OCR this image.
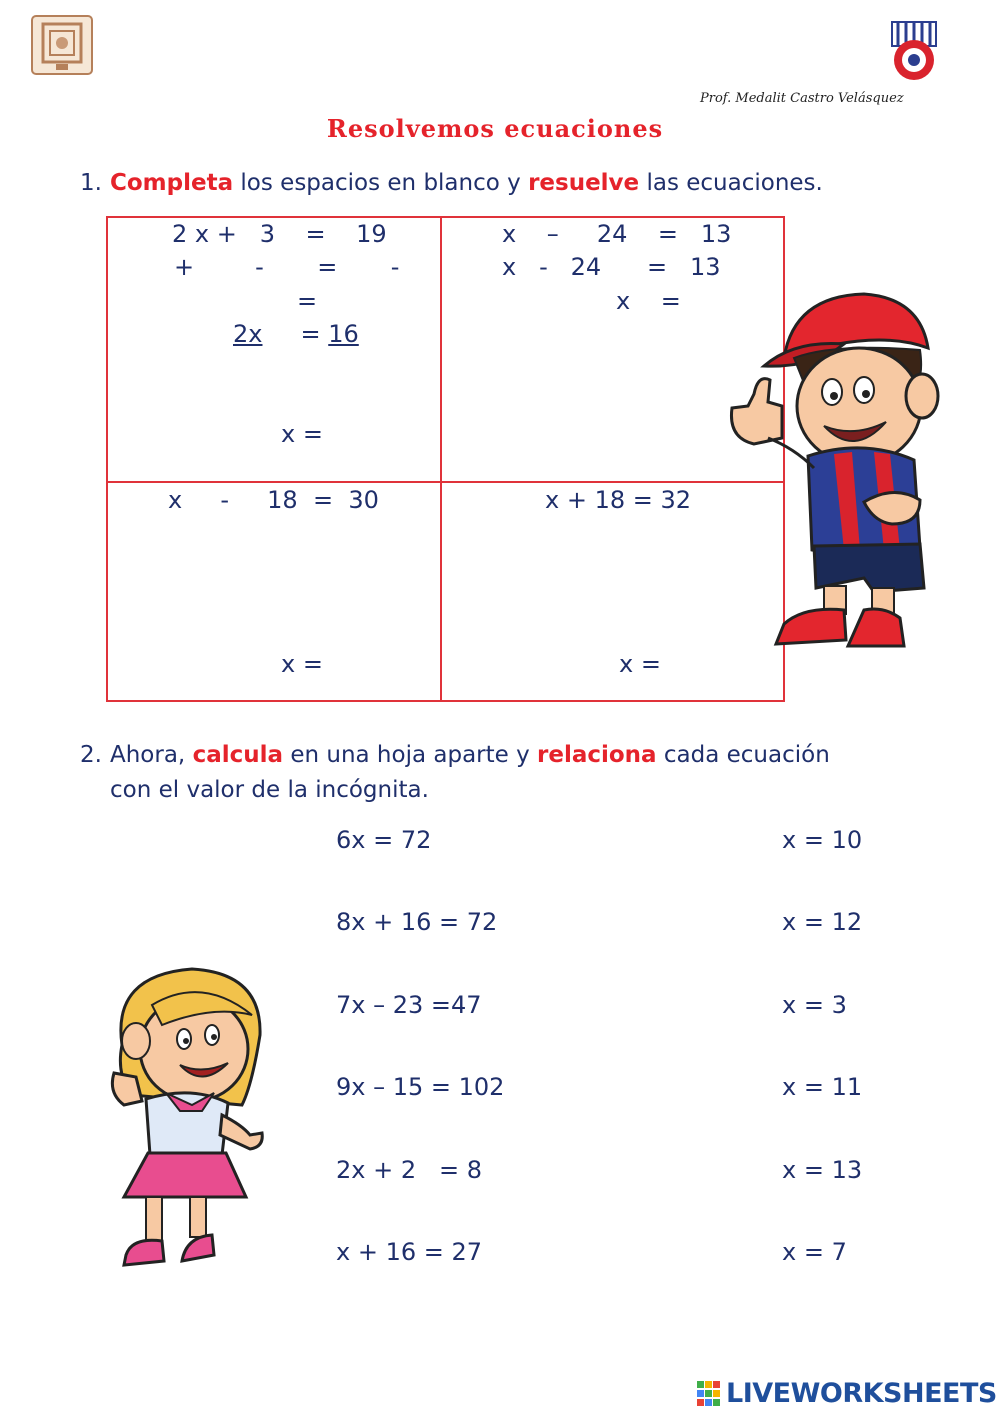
Prof. Medalit Castro Velásquez
Resolvemos ecuaciones
1. Completa los espacios en blanco y resuelve las ecuaciones.
2 x +   3    =    19
+        -       =       -
=
2x = 16
x =
x    –     24    =   13
x   -   24      =   13
x    =
x     -     18  =  30
x =
x + 18 = 32
x =
2. Ahora, calcula en una hoja aparte y relaciona cada ecuación
con el valor de la incógnita.
6x = 72
8x + 16 = 72
7x – 23 =47
9x – 15 = 102
2x + 2   = 8
x + 16 = 27
x = 10
x = 12
x = 3
x = 11
x = 13
x = 7
LIVEWORKSHEETS
